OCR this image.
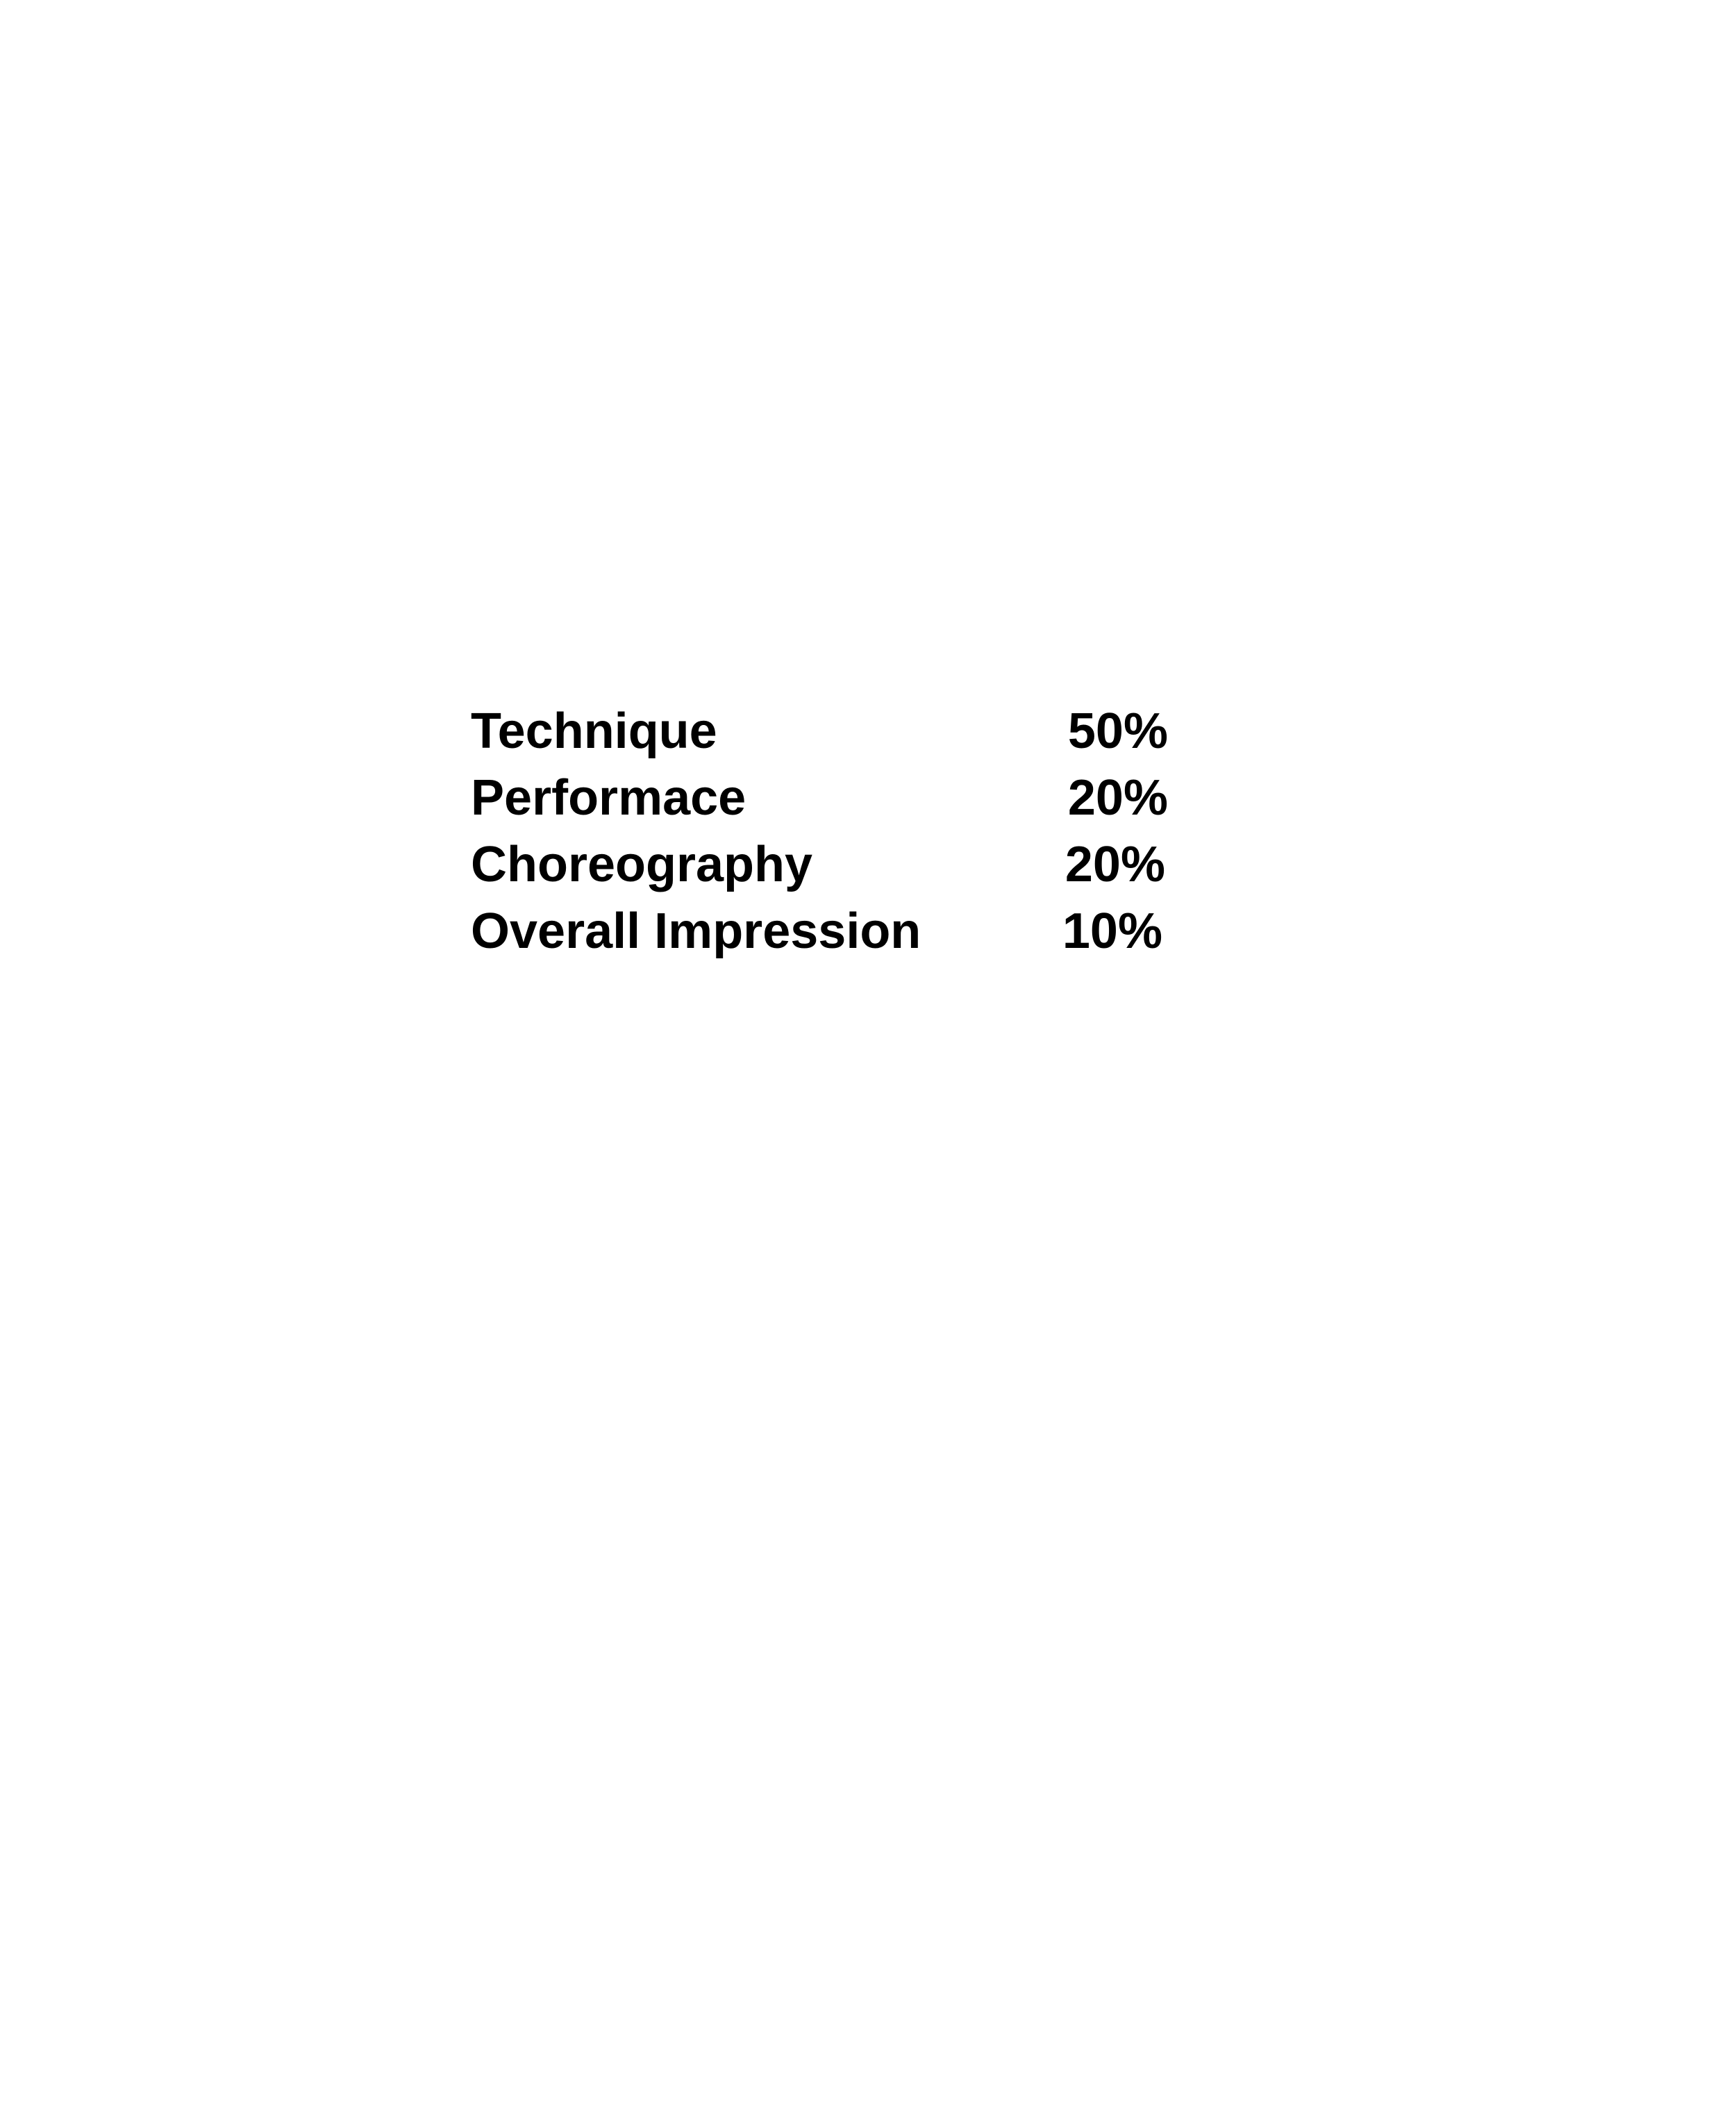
Technique	50%
Performace	20%
Choreography	20%
Overall Impression	10%
